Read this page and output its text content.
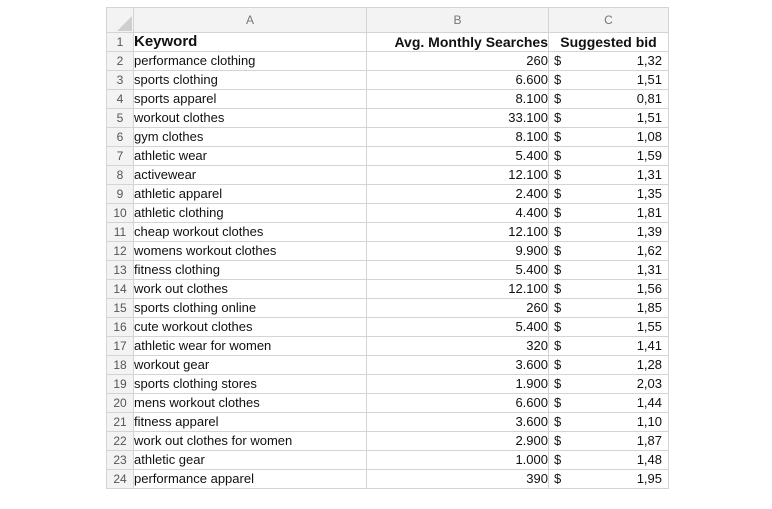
	A	B	C
1	Keyword	Avg. Monthly Searches	Suggested bid
2	performance clothing	260	$ 1,32

3	sports clothing	6.600	$ 1,51

4	sports apparel	8.100	$ 0,81

5	workout clothes	33.100	$ 1,51

6	gym clothes	8.100	$ 1,08

7	athletic wear	5.400	$ 1,59

8	activewear	12.100	$ 1,31

9	athletic apparel	2.400	$ 1,35

10	athletic clothing	4.400	$ 1,81

11	cheap workout clothes	12.100	$ 1,39

12	womens workout clothes	9.900	$ 1,62

13	fitness clothing	5.400	$ 1,31

14	work out clothes	12.100	$ 1,56

15	sports clothing online	260	$ 1,85

16	cute workout clothes	5.400	$ 1,55

17	athletic wear for women	320	$ 1,41

18	workout gear	3.600	$ 1,28

19	sports clothing stores	1.900	$ 2,03

20	mens workout clothes	6.600	$ 1,44

21	fitness apparel	3.600	$ 1,10

22	work out clothes for women	2.900	$ 1,87

23	athletic gear	1.000	$ 1,48

24	performance apparel	390	$ 1,95
